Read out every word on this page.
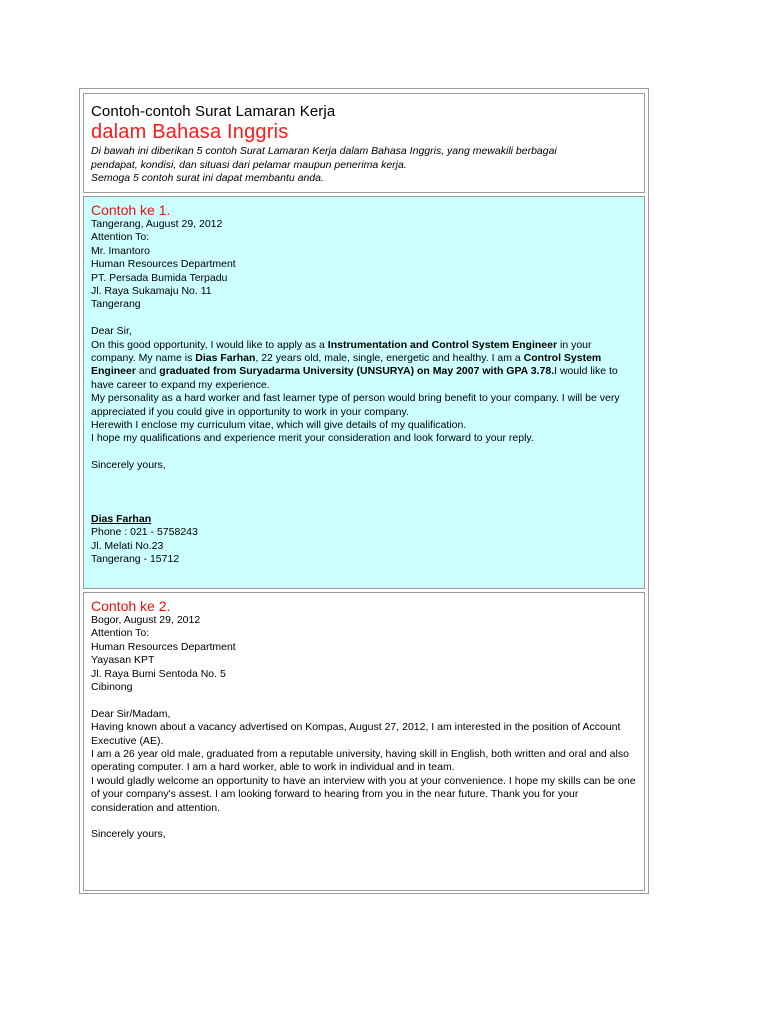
Contoh-contoh Surat Lamaran Kerja
dalam Bahasa Inggris
Di bawah ini diberikan 5 contoh Surat Lamaran Kerja dalam Bahasa Inggris, yang mewakili berbagai
pendapat, kondisi, dan situasi dari pelamar maupun penerima kerja.
Semoga 5 contoh surat ini dapat membantu anda.
Contoh ke 1.
Tangerang, August 29, 2012
Attention To:
Mr. Imantoro
Human Resources Department
PT. Persada Bumida Terpadu
Jl. Raya Sukamaju No. 11
Tangerang
Dear Sir,
On this good opportunity, I would like to apply as a Instrumentation and Control System Engineer in your company. My name is Dias Farhan, 22 years old, male, single, energetic and healthy. I am a Control System Engineer and graduated from Suryadarma University (UNSURYA) on May 2007 with GPA 3.78.I would like to have career to expand my experience.
My personality as a hard worker and fast learner type of person would bring benefit to your company. I will be very appreciated if you could give in opportunity to work in your company.
Herewith I enclose my curriculum vitae, which will give details of my qualification.
I hope my qualifications and experience merit your consideration and look forward to your reply.
Sincerely yours,
Dias Farhan
Phone : 021 - 5758243
Jl. Melati No.23
Tangerang - 15712
Contoh ke 2.
Bogor, August 29, 2012
Attention To:
Human Resources Department
Yayasan KPT
Jl. Raya Bumi Sentoda No. 5
Cibinong
Dear Sir/Madam,
Having known about a vacancy advertised on Kompas, August 27, 2012, I am interested in the position of Account Executive (AE).
I am a 26 year old male, graduated from a reputable university, having skill in English, both written and oral and also operating computer. I am a hard worker, able to work in individual and in team.
I would gladly welcome an opportunity to have an interview with you at your convenience. I hope my skills can be one of your company's assest. I am looking forward to hearing from you in the near future. Thank you for your consideration and attention.
Sincerely yours,
